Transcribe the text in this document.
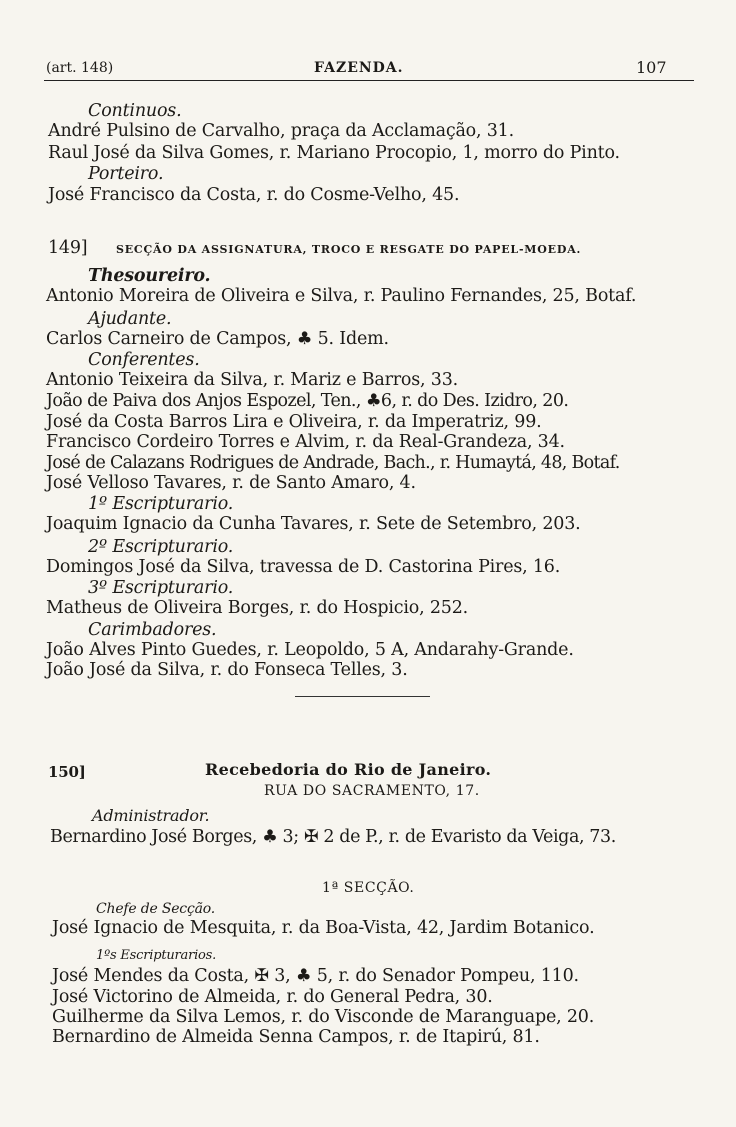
(art. 148)	FAZENDA.	107
Continuos.
André Pulsino de Carvalho, praça da Acclamação, 31.
Raul José da Silva Gomes, r. Mariano Procopio, 1, morro do Pinto.
Porteiro.
José Francisco da Costa, r. do Cosme-Velho, 45.
149]	SECÇÃO DA ASSIGNATURA, TROCO E RESGATE DO PAPEL-MOEDA.
Thesoureiro.
Antonio Moreira de Oliveira e Silva, r. Paulino Fernandes, 25, Botaf.
Ajudante.
Carlos Carneiro de Campos, ♣ 5. Idem.
Conferentes.
Antonio Teixeira da Silva, r. Mariz e Barros, 33.
João de Paiva dos Anjos Espozel, Ten., ♣6, r. do Des. Izidro, 20.
José da Costa Barros Lira e Oliveira, r. da Imperatriz, 99.
Francisco Cordeiro Torres e Alvim, r. da Real-Grandeza, 34.
José de Calazans Rodrigues de Andrade, Bach., r. Humaytá, 48, Botaf.
José Velloso Tavares, r. de Santo Amaro, 4.
1º Escripturario.
Joaquim Ignacio da Cunha Tavares, r. Sete de Setembro, 203.
2º Escripturario.
Domingos José da Silva, travessa de D. Castorina Pires, 16.
3º Escripturario.
Matheus de Oliveira Borges, r. do Hospicio, 252.
Carimbadores.
João Alves Pinto Guedes, r. Leopoldo, 5 A, Andarahy-Grande.
João José da Silva, r. do Fonseca Telles, 3.
150]	Recebedoria do Rio de Janeiro.
RUA DO SACRAMENTO, 17.
Administrador.
Bernardino José Borges, ♣ 3; ✠ 2 de P., r. de Evaristo da Veiga, 73.
1ª SECÇÃO.
Chefe de Secção.
José Ignacio de Mesquita, r. da Boa-Vista, 42, Jardim Botanico.
1ºs Escripturarios.
José Mendes da Costa, ✠ 3, ♣ 5, r. do Senador Pompeu, 110.
José Victorino de Almeida, r. do General Pedra, 30.
Guilherme da Silva Lemos, r. do Visconde de Maranguape, 20.
Bernardino de Almeida Senna Campos, r. de Itapirú, 81.
